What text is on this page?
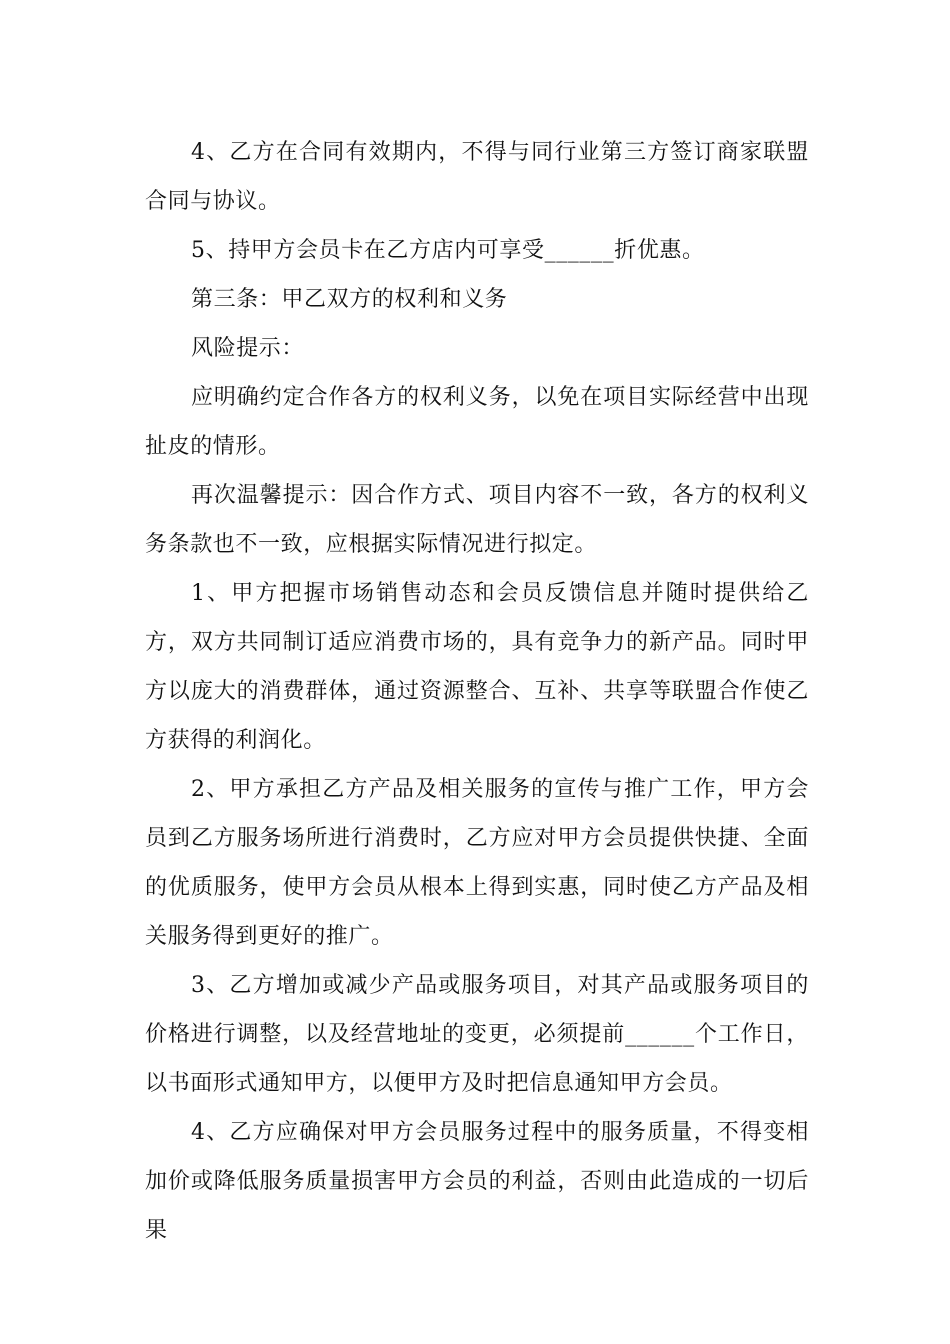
4、乙方在合同有效期内，不得与同行业第三方签订商家联盟合同与协议。

5、持甲方会员卡在乙方店内可享受______折优惠。

第三条：甲乙双方的权利和义务

风险提示：

应明确约定合作各方的权利义务，以免在项目实际经营中出现扯皮的情形。

再次温馨提示：因合作方式、项目内容不一致，各方的权利义务条款也不一致，应根据实际情况进行拟定。

1、甲方把握市场销售动态和会员反馈信息并随时提供给乙方，双方共同制订适应消费市场的，具有竞争力的新产品。同时甲方以庞大的消费群体，通过资源整合、互补、共享等联盟合作使乙方获得的利润化。

2、甲方承担乙方产品及相关服务的宣传与推广工作，甲方会员到乙方服务场所进行消费时，乙方应对甲方会员提供快捷、全面的优质服务，使甲方会员从根本上得到实惠，同时使乙方产品及相关服务得到更好的推广。

3、乙方增加或减少产品或服务项目，对其产品或服务项目的价格进行调整，以及经营地址的变更，必须提前______个工作日，以书面形式通知甲方，以便甲方及时把信息通知甲方会员。

4、乙方应确保对甲方会员服务过程中的服务质量，不得变相加价或降低服务质量损害甲方会员的利益，否则由此造成的一切后果
